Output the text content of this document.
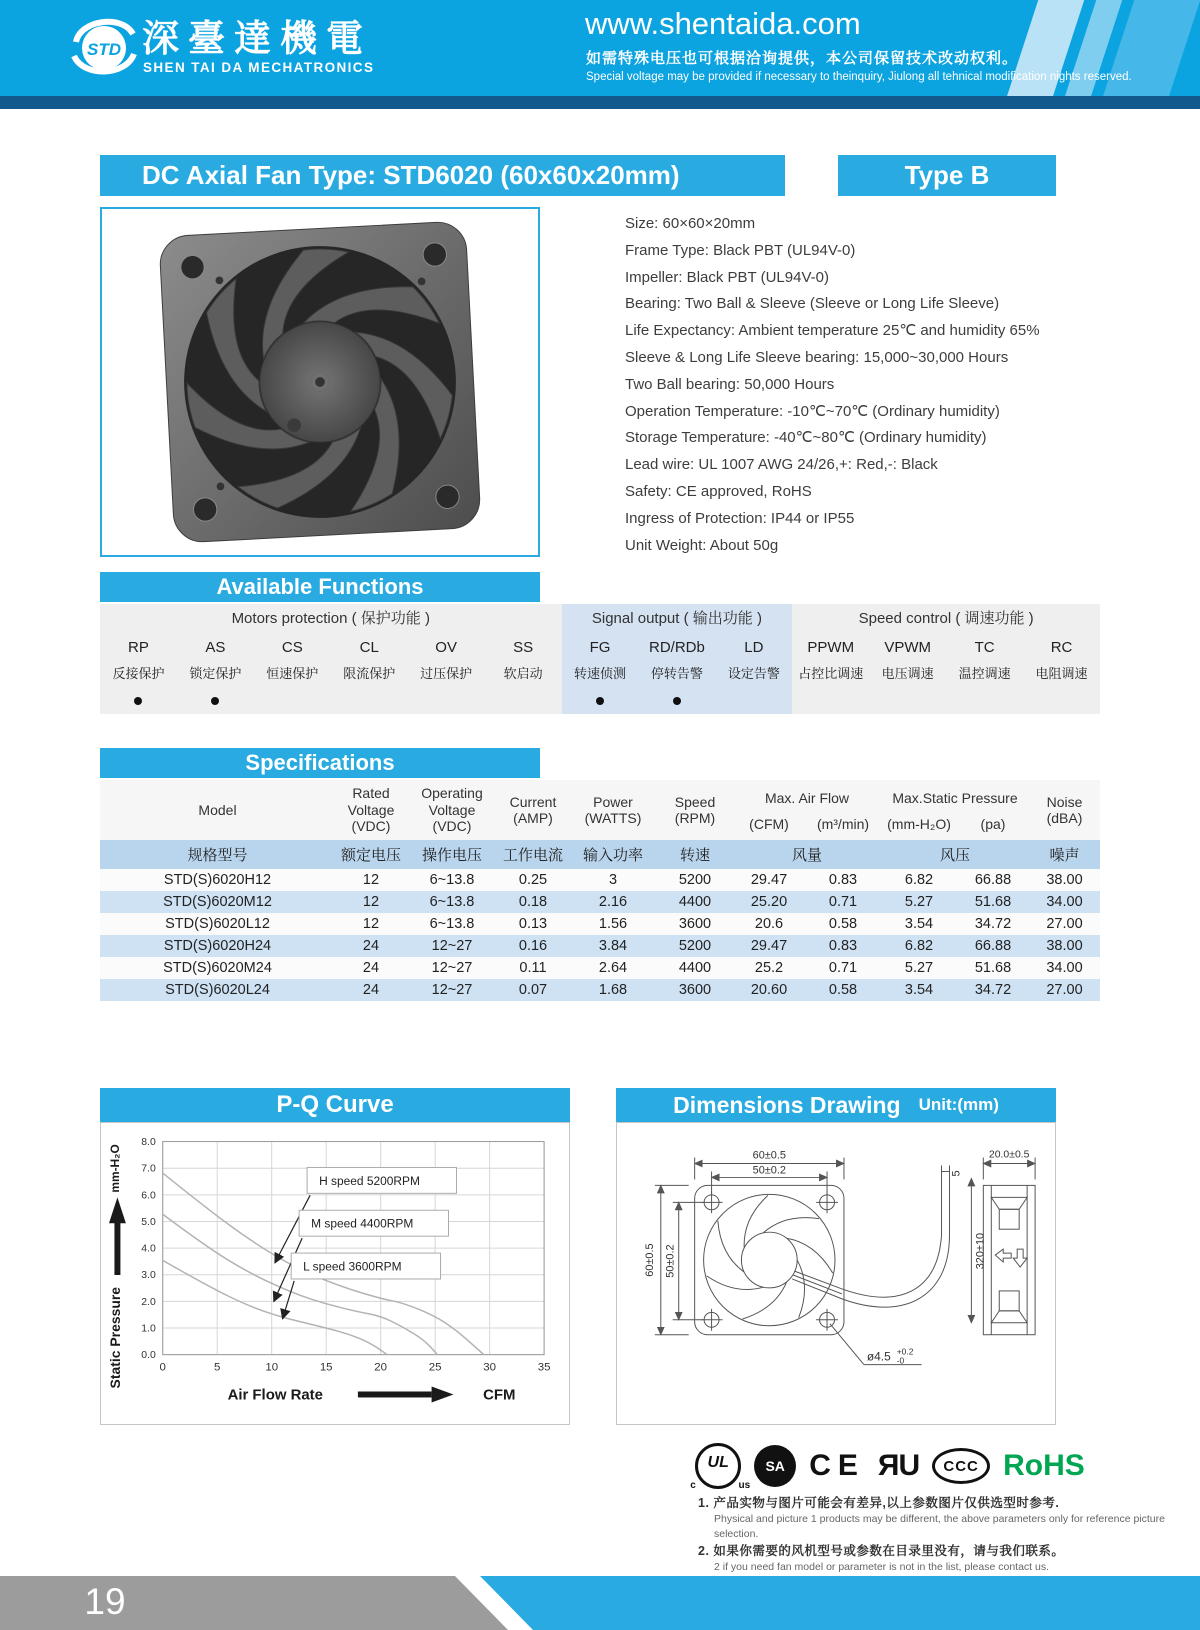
STD 深臺達機電
SHEN TAI DA MECHATRONICS
www.shentaida.com
如需特殊电压也可根据洽询提供，本公司保留技术改动权利。
Special voltage may be provided if necessary to theinquiry, Jiulong all tehnical modification nights reserved.
DC Axial Fan Type: STD6020 (60x60x20mm)	Type B
Size: 60×60×20mm
Frame Type: Black PBT (UL94V-0)
Impeller: Black PBT (UL94V-0)
Bearing: Two Ball & Sleeve (Sleeve or Long Life Sleeve)
Life Expectancy: Ambient temperature 25℃ and humidity 65%
Sleeve & Long Life Sleeve bearing: 15,000~30,000 Hours
Two Ball bearing: 50,000 Hours
Operation Temperature: -10℃~70℃ (Ordinary humidity)
Storage Temperature: -40℃~80℃ (Ordinary humidity)
Lead wire: UL 1007 AWG 24/26,+: Red,-: Black
Safety: CE approved, RoHS
Ingress of Protection: IP44 or IP55
Unit Weight: About 50g
Available Functions
Motors protection ( 保护功能 )
RP	AS	CS	CL	OV	SS
反接保护	锁定保护	恒速保护	限流保护	过压保护	软启动
Signal output ( 输出功能 )
FG	RD/RDb	LD
转速侦测	停转告警	设定告警
Speed control ( 调速功能 )
PPWM	VPWM	TC	RC
占控比调速	电压调速	温控调速	电阻调速
Specifications
Model	Rated
Voltage
(VDC)	Operating
Voltage
(VDC)	Current
(AMP)	Power
(WATTS)	Speed
(RPM)	Max. Air Flow		Max.Static Pressure		Noise
(dBA)

						(CFM)	(m³/min)	(mm-H₂O)	(pa)	
规格型号	额定电压	操作电压	工作电流	输入功率	转速	风量		风压		噪声
STD(S)6020H12	12	6~13.8	0.25	3	5200	29.47	0.83	6.82	66.88	38.00
STD(S)6020M12	12	6~13.8	0.18	2.16	4400	25.20	0.71	5.27	51.68	34.00
STD(S)6020L12	12	6~13.8	0.13	1.56	3600	20.6	0.58	3.54	34.72	27.00
STD(S)6020H24	24	12~27	0.16	3.84	5200	29.47	0.83	6.82	66.88	38.00
STD(S)6020M24	24	12~27	0.11	2.64	4400	25.2	0.71	5.27	51.68	34.00
STD(S)6020L24	24	12~27	0.07	1.68	3600	20.60	0.58	3.54	34.72	27.00
P-Q Curve
0.0
1.0
2.0
3.0
4.0
5.0
6.0
7.0
8.0
0	5	10	15	20	25	30	35
mm-H₂O
Static Pressure
H speed 5200RPM
M speed 4400RPM
L speed 3600RPM
Air Flow Rate	CFM
Dimensions Drawing Unit:(mm)
60±0.5
50±0.2
60±0.5 50±0.2
5
320±10
20.0±0.5
ø4.5 +0.2
-0
UL
c	us
SA CE ЯU CCC RoHS
1. 产品实物与图片可能会有差异,以上参数图片仅供选型时参考.
Physical and picture 1 products may be different, the above parameters only for reference picture selection.
2. 如果你需要的风机型号或参数在目录里没有，请与我们联系。
2 if you need fan model or parameter is not in the list, please contact us.
19
